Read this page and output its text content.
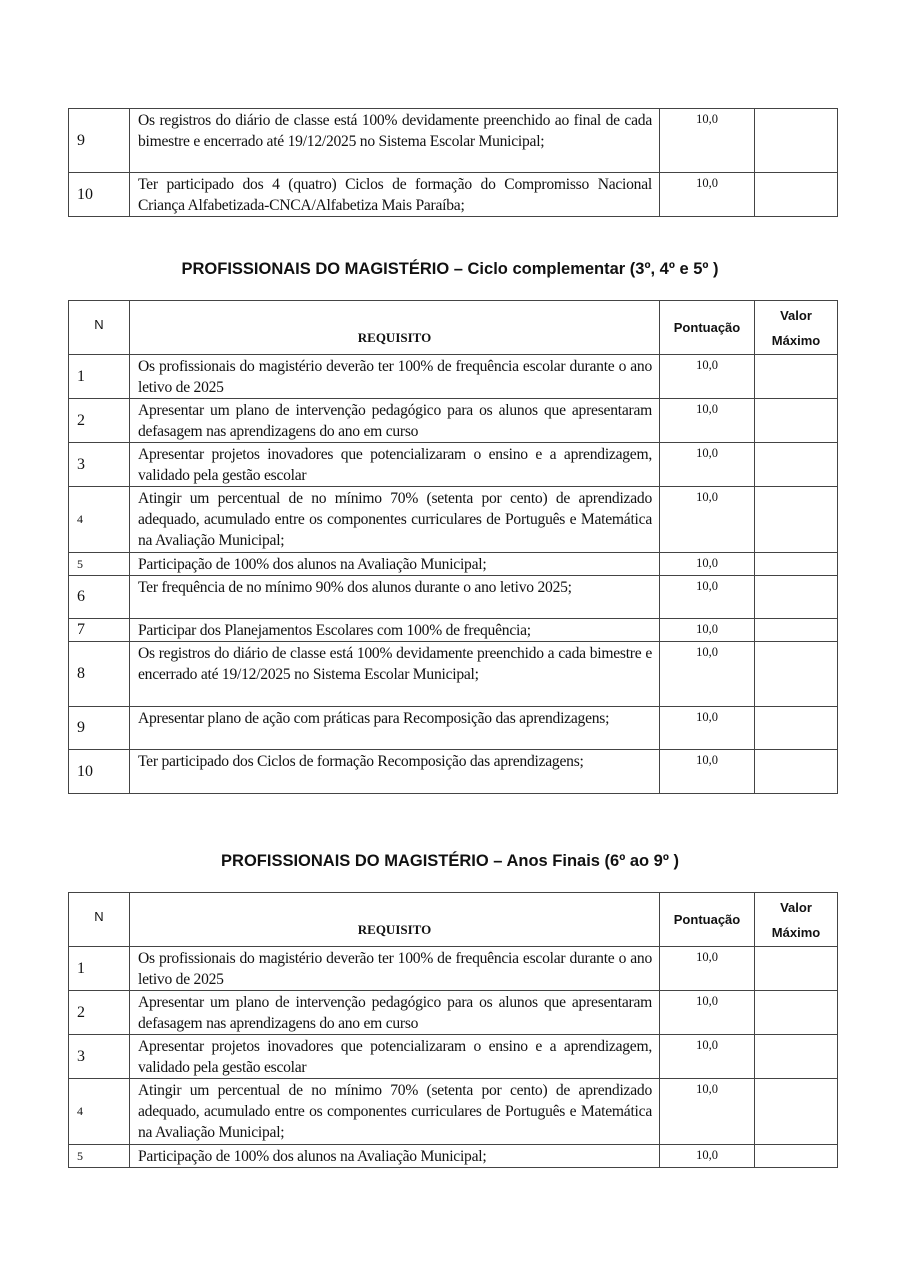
PROFISSIONAIS DO MAGISTÉRIO – Ciclo complementar (3º, 4º e 5º )
PROFISSIONAIS DO MAGISTÉRIO – Anos Finais (6º ao 9º )
9	Os registros do diário de classe está 100% devidamente preenchido ao final de cada bimestre e encerrado até 19/12/2025 no Sistema Escolar Municipal;	10,0	
10	Ter participado dos 4 (quatro) Ciclos de formação do Compromisso Nacional Criança Alfabetizada-CNCA/Alfabetiza Mais Paraíba;	10,0	
N	REQUISITO	Pontuação	Valor
Máximo
1	Os profissionais do magistério deverão ter 100% de frequência escolar durante o ano letivo de 2025	10,0	
2	Apresentar um plano de intervenção pedagógico para os alunos que apresentaram defasagem nas aprendizagens do ano em curso	10,0	
3	Apresentar projetos inovadores que potencializaram o ensino e a aprendizagem, validado pela gestão escolar	10,0	
4	Atingir um percentual de no mínimo 70% (setenta por cento) de aprendizado adequado, acumulado entre os componentes curriculares de Português e Matemática na Avaliação Municipal;	10,0	
5	Participação de 100% dos alunos na Avaliação Municipal;	10,0	
6	Ter frequência de no mínimo 90% dos alunos durante o ano letivo 2025;	10,0	
7	Participar dos Planejamentos Escolares com 100% de frequência;	10,0	
8	Os registros do diário de classe está 100% devidamente preenchido a cada bimestre e encerrado até 19/12/2025 no Sistema Escolar Municipal;	10,0	
9	Apresentar plano de ação com práticas para Recomposição das aprendizagens;	10,0	
10	Ter participado dos Ciclos de formação Recomposição das aprendizagens;	10,0	
N	REQUISITO	Pontuação	Valor
Máximo
1	Os profissionais do magistério deverão ter 100% de frequência escolar durante o ano letivo de 2025	10,0	
2	Apresentar um plano de intervenção pedagógico para os alunos que apresentaram defasagem nas aprendizagens do ano em curso	10,0	
3	Apresentar projetos inovadores que potencializaram o ensino e a aprendizagem, validado pela gestão escolar	10,0	
4	Atingir um percentual de no mínimo 70% (setenta por cento) de aprendizado adequado, acumulado entre os componentes curriculares de Português e Matemática na Avaliação Municipal;	10,0	
5	Participação de 100% dos alunos na Avaliação Municipal;	10,0	
